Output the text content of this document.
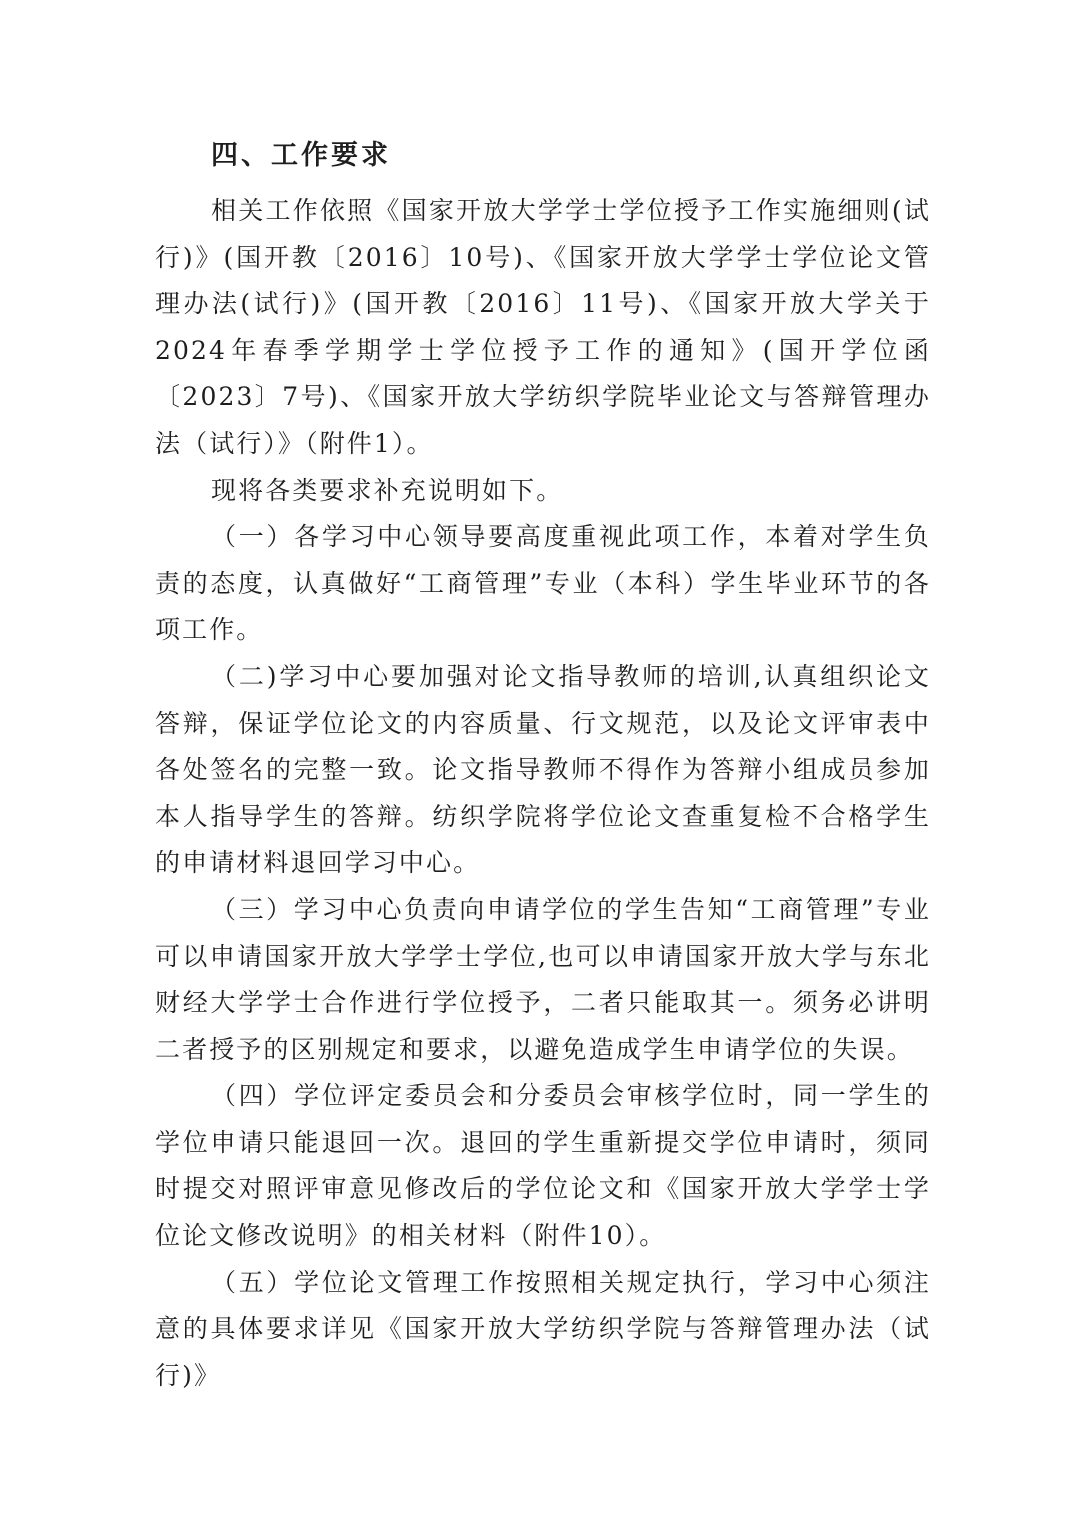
四、工作要求

相关工作依照《国家开放大学学士学位授予工作实施细则(试行)》(国开教〔2016〕10号)、《国家开放大学学士学位论文管理办法(试行)》(国开教〔2016〕11号)、《国家开放大学关于2024年春季学期学士学位授予工作的通知》(国开学位函〔2023〕7号)、《国家开放大学纺织学院毕业论文与答辩管理办法（试行）》（附件1）。

现将各类要求补充说明如下。

（一）各学习中心领导要高度重视此项工作，本着对学生负责的态度，认真做好“工商管理”专业（本科）学生毕业环节的各项工作。

（二)学习中心要加强对论文指导教师的培训,认真组织论文答辩，保证学位论文的内容质量、行文规范，以及论文评审表中各处签名的完整一致。论文指导教师不得作为答辩小组成员参加本人指导学生的答辩。纺织学院将学位论文查重复检不合格学生的申请材料退回学习中心。

（三）学习中心负责向申请学位的学生告知“工商管理”专业可以申请国家开放大学学士学位,也可以申请国家开放大学与东北财经大学学士合作进行学位授予，二者只能取其一。须务必讲明二者授予的区别规定和要求，以避免造成学生申请学位的失误。

（四）学位评定委员会和分委员会审核学位时，同一学生的学位申请只能退回一次。退回的学生重新提交学位申请时，须同时提交对照评审意见修改后的学位论文和《国家开放大学学士学位论文修改说明》的相关材料（附件10）。

（五）学位论文管理工作按照相关规定执行，学习中心须注意的具体要求详见《国家开放大学纺织学院与答辩管理办法（试行)》
